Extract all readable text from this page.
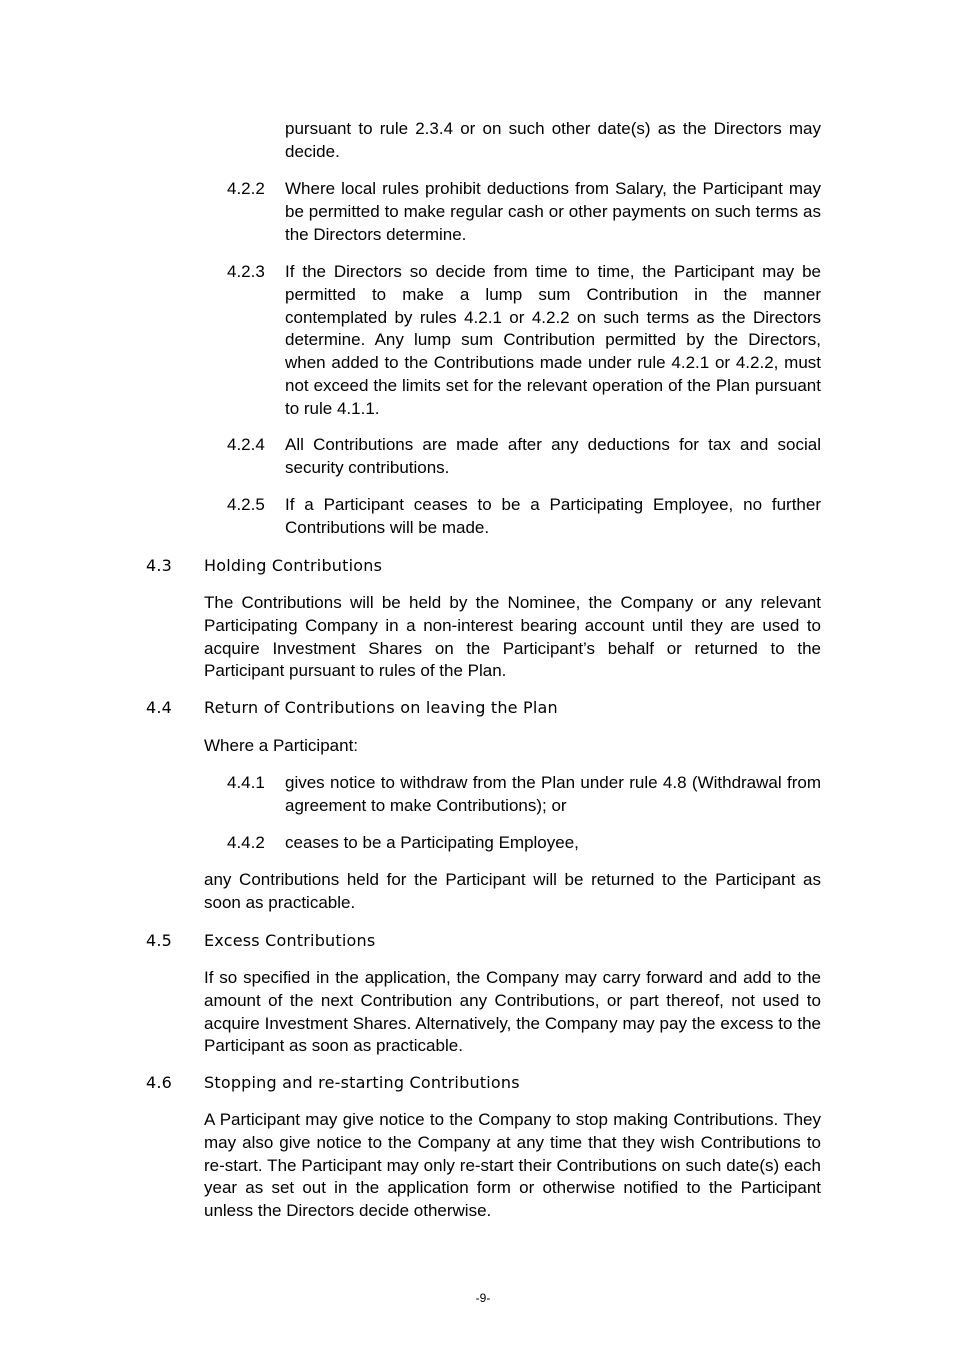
pursuant to rule 2.3.4 or on such other date(s) as the Directors may decide.
4.2.2 Where local rules prohibit deductions from Salary, the Participant may be permitted to make regular cash or other payments on such terms as the Directors determine.
4.2.3 If the Directors so decide from time to time, the Participant may be permitted to make a lump sum Contribution in the manner contemplated by rules 4.2.1 or 4.2.2 on such terms as the Directors determine. Any lump sum Contribution permitted by the Directors, when added to the Contributions made under rule 4.2.1 or 4.2.2, must not exceed the limits set for the relevant operation of the Plan pursuant to rule 4.1.1.
4.2.4 All Contributions are made after any deductions for tax and social security contributions.
4.2.5 If a Participant ceases to be a Participating Employee, no further Contributions will be made.
4.3 Holding Contributions
The Contributions will be held by the Nominee, the Company or any relevant Participating Company in a non-interest bearing account until they are used to acquire Investment Shares on the Participant’s behalf or returned to the Participant pursuant to rules of the Plan.
4.4 Return of Contributions on leaving the Plan
Where a Participant:
4.4.1 gives notice to withdraw from the Plan under rule 4.8 (Withdrawal from agreement to make Contributions); or
4.4.2 ceases to be a Participating Employee,
any Contributions held for the Participant will be returned to the Participant as soon as practicable.
4.5 Excess Contributions
If so specified in the application, the Company may carry forward and add to the amount of the next Contribution any Contributions, or part thereof, not used to acquire Investment Shares. Alternatively, the Company may pay the excess to the Participant as soon as practicable.
4.6 Stopping and re-starting Contributions
A Participant may give notice to the Company to stop making Contributions. They may also give notice to the Company at any time that they wish Contributions to re-start. The Participant may only re-start their Contributions on such date(s) each year as set out in the application form or otherwise notified to the Participant unless the Directors decide otherwise.
-9-
